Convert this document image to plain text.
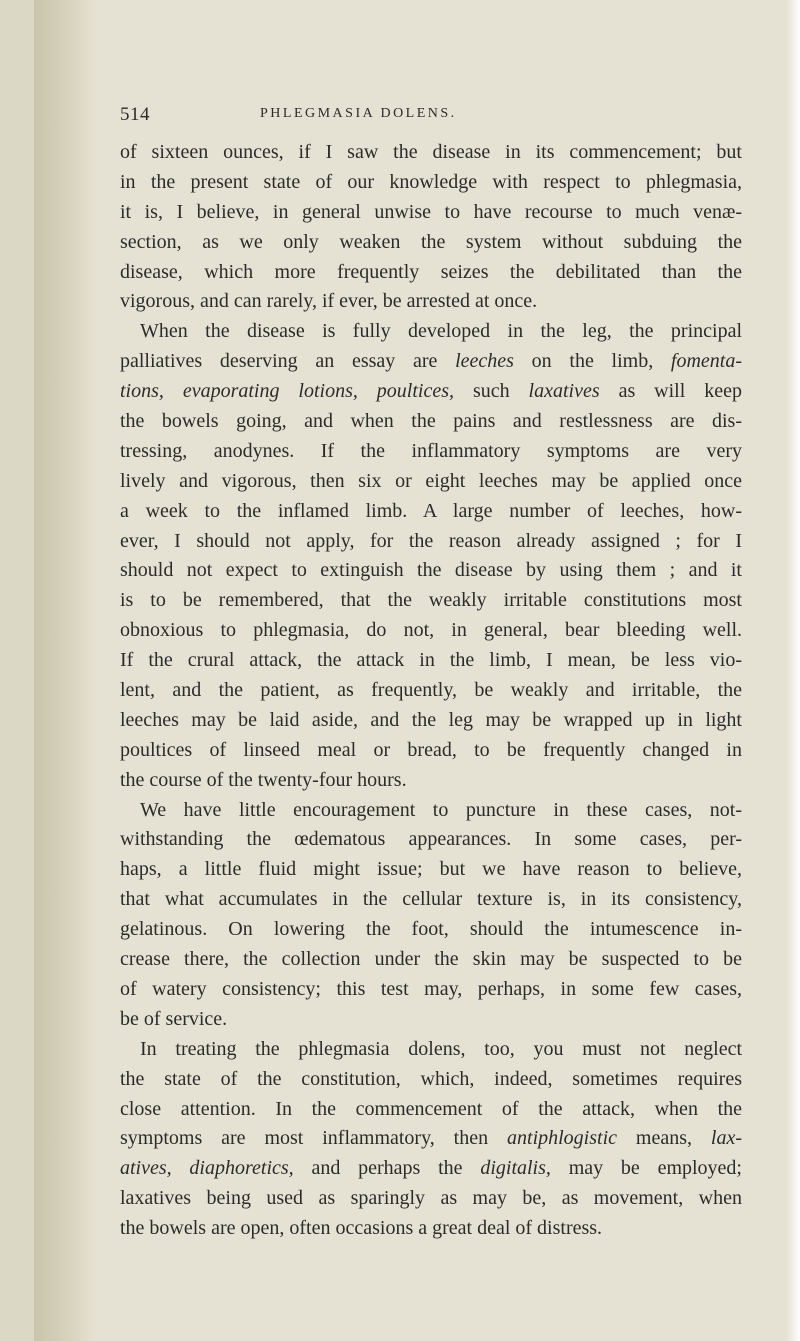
514	PHLEGMASIA DOLENS.
of sixteen ounces, if I saw the disease in its commencement; but
in the present state of our knowledge with respect to phlegmasia,
it is, I believe, in general unwise to have recourse to much venæ-
section, as we only weaken the system without subduing the
disease, which more frequently seizes the debilitated than the
vigorous, and can rarely, if ever, be arrested at once.
When the disease is fully developed in the leg, the principal
palliatives deserving an essay are leeches on the limb, fomenta-
tions, evaporating lotions, poultices, such laxatives as will keep
the bowels going, and when the pains and restlessness are dis-
tressing, anodynes. If the inflammatory symptoms are very
lively and vigorous, then six or eight leeches may be applied once
a week to the inflamed limb. A large number of leeches, how-
ever, I should not apply, for the reason already assigned ; for I
should not expect to extinguish the disease by using them ; and it
is to be remembered, that the weakly irritable constitutions most
obnoxious to phlegmasia, do not, in general, bear bleeding well.
If the crural attack, the attack in the limb, I mean, be less vio-
lent, and the patient, as frequently, be weakly and irritable, the
leeches may be laid aside, and the leg may be wrapped up in light
poultices of linseed meal or bread, to be frequently changed in
the course of the twenty-four hours.
We have little encouragement to puncture in these cases, not-
withstanding the œdematous appearances. In some cases, per-
haps, a little fluid might issue; but we have reason to believe,
that what accumulates in the cellular texture is, in its consistency,
gelatinous. On lowering the foot, should the intumescence in-
crease there, the collection under the skin may be suspected to be
of watery consistency; this test may, perhaps, in some few cases,
be of service.
In treating the phlegmasia dolens, too, you must not neglect
the state of the constitution, which, indeed, sometimes requires
close attention. In the commencement of the attack, when the
symptoms are most inflammatory, then antiphlogistic means, lax-
atives, diaphoretics, and perhaps the digitalis, may be employed;
laxatives being used as sparingly as may be, as movement, when
the bowels are open, often occasions a great deal of distress.
